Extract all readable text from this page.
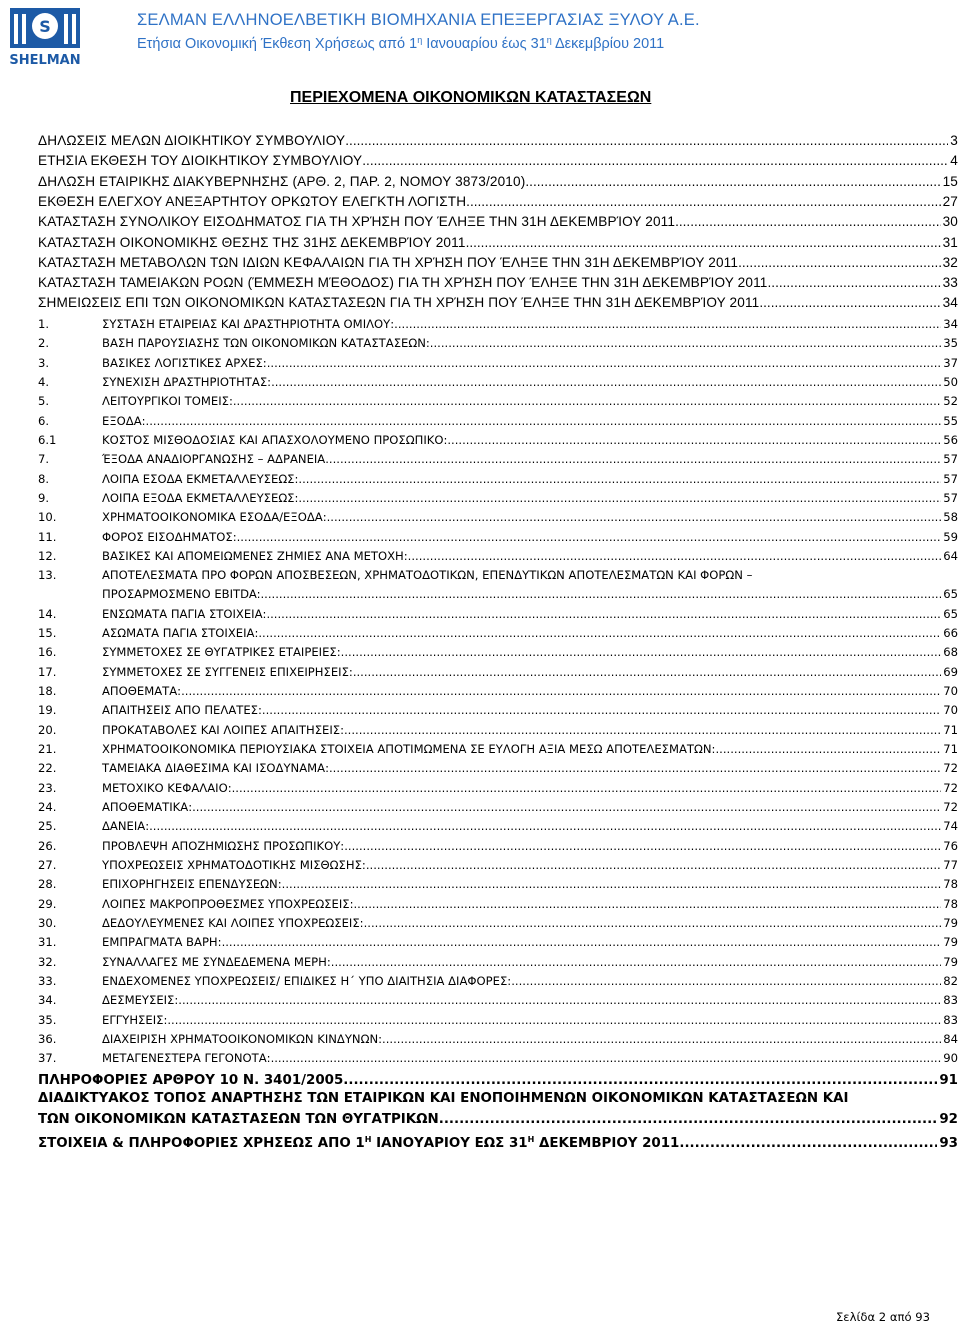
S
SHELMAN
ΣΕΛΜΑΝ ΕΛΛΗΝΟΕΛΒΕΤΙΚΗ ΒΙΟΜΗΧΑΝΙΑ ΕΠΕΞΕΡΓΑΣΙΑΣ ΞΥΛΟΥ Α.Ε.
Ετήσια Οικονομική Έκθεση Χρήσεως από $1^\eta$ Ιανουαρίου έως $31^\eta$ Δεκεμβρίου 2011
ΠΕΡΙΕΧΟΜΕΝΑ ΟΙΚΟΝΟΜΙΚΩΝ ΚΑΤΑΣΤΑΣΕΩΝ
ΔΗΛΩΣΕΙΣ ΜΕΛΩΝ ΔΙΟΙΚΗΤΙΚΟΥ ΣΥΜΒΟΥΛΙΟΥ .....	3
ΕΤΗΣΙΑ ΕΚΘΕΣΗ ΤΟΥ ΔΙΟΙΚΗΤΙΚΟΥ ΣΥΜΒΟΥΛΙΟΥ .....	4
ΔΗΛΩΣΗ ΕΤΑΙΡΙΚΗΣ ΔΙΑΚΥΒΕΡΝΗΣΗΣ (ΑΡΘ. 2, ΠΑΡ. 2, ΝΟΜΟΥ 3873/2010) .....	15
ΕΚΘΕΣΗ ΕΛΕΓΧΟΥ ΑΝΕΞΑΡΤΗΤΟΥ ΟΡΚΩΤΟΥ ΕΛΕΓΚΤΗ ΛΟΓΙΣΤΗ .....	27
ΚΑΤΑΣΤΑΣΗ ΣΥΝΟΛΙΚΟΥ ΕΙΣΟΔΗΜΑΤΟΣ ΓΙΑ ΤΗ ΧΡΉΣΗ ΠΟΥ ΈΛΗΞΕ ΤΗΝ 31Η ΔΕΚΕΜΒΡΊΟΥ 2011 .....	30
ΚΑΤΑΣΤΑΣΗ ΟΙΚΟΝΟΜΙΚΗΣ ΘΕΣΗΣ ΤΗΣ 31ΗΣ ΔΕΚΕΜΒΡΊΟΥ 2011 .....	31
ΚΑΤΑΣΤΑΣΗ ΜΕΤΑΒΟΛΩΝ ΤΩΝ ΙΔΙΩΝ ΚΕΦΑΛΑΙΩΝ ΓΙΑ ΤΗ ΧΡΉΣΗ ΠΟΥ ΈΛΗΞΕ ΤΗΝ 31Η ΔΕΚΕΜΒΡΊΟΥ 2011 .....	32
ΚΑΤΑΣΤΑΣΗ ΤΑΜΕΙΑΚΩΝ ΡΟΩΝ (ΈΜΜΕΣΗ ΜΈΘΟΔΟΣ) ΓΙΑ ΤΗ ΧΡΉΣΗ ΠΟΥ ΈΛΗΞΕ ΤΗΝ 31Η ΔΕΚΕΜΒΡΊΟΥ 2011 .....	33
ΣΗΜΕΙΩΣΕΙΣ ΕΠΙ ΤΩΝ ΟΙΚΟΝΟΜΙΚΩΝ ΚΑΤΑΣΤΑΣΕΩΝ ΓΙΑ ΤΗ ΧΡΉΣΗ ΠΟΥ ΈΛΗΞΕ ΤΗΝ 31Η ΔΕΚΕΜΒΡΊΟΥ 2011 .....	34
1.	ΣΥΣΤΑΣΗ ΕΤΑΙΡΕΙΑΣ ΚΑΙ ΔΡΑΣΤΗΡΙΟΤΗΤΑ ΟΜΙΛΟΥ: .....	34
2.	ΒΑΣΗ ΠΑΡΟΥΣΙΑΣΗΣ ΤΩΝ ΟΙΚΟΝΟΜΙΚΩΝ ΚΑΤΑΣΤΑΣΕΩΝ: .....	35
3.	ΒΑΣΙΚΕΣ ΛΟΓΙΣΤΙΚΕΣ ΑΡΧΕΣ: .....	37
4.	ΣΥΝΕΧΙΣΗ ΔΡΑΣΤΗΡΙΟΤΗΤΑΣ: .....	50
5.	ΛΕΙΤΟΥΡΓΙΚΟΙ ΤΟΜΕΙΣ: .....	52
6.	ΕΞΟΔΑ: .....	55
6.1	ΚΟΣΤΟΣ ΜΙΣΘΟΔΟΣΙΑΣ ΚΑΙ ΑΠΑΣΧΟΛΟΥΜΕΝΟ ΠΡΟΣΩΠΙΚΟ: .....	56
7.	ΈΞΟΔΑ ΑΝΑΔΙΟΡΓΑΝΩΣΗΣ – ΑΔΡΑΝΕΙΑ .....	57
8.	ΛΟΙΠΑ ΕΣΟΔΑ ΕΚΜΕΤΑΛΛΕΥΣΕΩΣ: .....	57
9.	ΛΟΙΠΑ ΕΞΟΔΑ ΕΚΜΕΤΑΛΛΕΥΣΕΩΣ: .....	57
10.	ΧΡΗΜΑΤΟΟΙΚΟΝΟΜΙΚΑ ΕΣΟΔΑ/ΕΞΟΔΑ: .....	58
11.	ΦΟΡΟΣ ΕΙΣΟΔΗΜΑΤΟΣ: .....	59
12.	ΒΑΣΙΚΕΣ ΚΑΙ ΑΠΟΜΕΙΩΜΕΝΕΣ ΖΗΜΙΕΣ ΑΝΑ ΜΕΤΟΧΗ: .....	64
13.	ΑΠΟΤΕΛΕΣΜΑΤΑ ΠΡΟ ΦΟΡΩΝ ΑΠΟΣΒΕΣΕΩΝ, ΧΡΗΜΑΤΟΔΟΤΙΚΩΝ, ΕΠΕΝΔΥΤΙΚΩΝ ΑΠΟΤΕΛΕΣΜΑΤΩΝ ΚΑΙ ΦΟΡΩΝ –
ΠΡΟΣΑΡΜΟΣΜΕΝΟ EBITDA: .....	65
14.	ΕΝΣΩΜΑΤΑ ΠΑΓΙΑ ΣΤΟΙΧΕΙΑ: .....	65
15.	ΑΣΩΜΑΤΑ ΠΑΓΙΑ ΣΤΟΙΧΕΙΑ: .....	66
16.	ΣΥΜΜΕΤΟΧΕΣ ΣΕ ΘΥΓΑΤΡΙΚΕΣ ΕΤΑΙΡΕΙΕΣ: .....	68
17.	ΣΥΜΜΕΤΟΧΕΣ ΣΕ ΣΥΓΓΕΝΕΙΣ ΕΠΙΧΕΙΡΗΣΕΙΣ: .....	69
18.	ΑΠΟΘΕΜΑΤΑ: .....	70
19.	ΑΠΑΙΤΗΣΕΙΣ ΑΠΟ ΠΕΛΑΤΕΣ: .....	70
20.	ΠΡΟΚΑΤΑΒΟΛΕΣ ΚΑΙ ΛΟΙΠΕΣ ΑΠΑΙΤΗΣΕΙΣ: .....	71
21.	ΧΡΗΜΑΤΟΟΙΚΟΝΟΜΙΚΑ ΠΕΡΙΟΥΣΙΑΚΑ ΣΤΟΙΧΕΙΑ ΑΠΟΤΙΜΩΜΕΝΑ ΣΕ ΕΥΛΟΓΗ ΑΞΙΑ ΜΕΣΩ ΑΠΟΤΕΛΕΣΜΑΤΩΝ: .....	71
22.	ΤΑΜΕΙΑΚΑ ΔΙΑΘΕΣΙΜΑ ΚΑΙ ΙΣΟΔΥΝΑΜΑ: .....	72
23.	ΜΕΤΟΧΙΚΟ ΚΕΦΑΛΑΙΟ: .....	72
24.	ΑΠΟΘΕΜΑΤΙΚΑ: .....	72
25.	ΔΑΝΕΙΑ: .....	74
26.	ΠΡΟΒΛΕΨΗ ΑΠΟΖΗΜΙΩΣΗΣ ΠΡΟΣΩΠΙΚΟΥ: .....	76
27.	ΥΠΟΧΡΕΩΣΕΙΣ ΧΡΗΜΑΤΟΔΟΤΙΚΗΣ ΜΙΣΘΩΣΗΣ: .....	77
28.	ΕΠΙΧΟΡΗΓΗΣΕΙΣ ΕΠΕΝΔΥΣΕΩΝ: .....	78
29.	ΛΟΙΠΕΣ ΜΑΚΡΟΠΡΟΘΕΣΜΕΣ ΥΠΟΧΡΕΩΣΕΙΣ: .....	78
30.	ΔΕΔΟΥΛΕΥΜΕΝΕΣ ΚΑΙ ΛΟΙΠΕΣ ΥΠΟΧΡΕΩΣΕΙΣ: .....	79
31.	ΕΜΠΡΑΓΜΑΤΑ ΒΑΡΗ: .....	79
32.	ΣΥΝΑΛΛΑΓΕΣ ΜΕ ΣΥΝΔΕΔΕΜΕΝΑ ΜΕΡΗ: .....	79
33.	ΕΝΔΕΧΟΜΕΝΕΣ ΥΠΟΧΡΕΩΣΕΙΣ/ ΕΠΙΔΙΚΕΣ Η΄ ΥΠΟ ΔΙΑΙΤΗΣΙΑ ΔΙΑΦΟΡΕΣ: .....	82
34.	ΔΕΣΜΕΥΣΕΙΣ: .....	83
35.	ΕΓΓΥΗΣΕΙΣ: .....	83
36.	ΔΙΑΧΕΙΡΙΣΗ ΧΡΗΜΑΤΟΟΙΚΟΝΟΜΙΚΩΝ ΚΙΝΔΥΝΩΝ: .....	84
37.	ΜΕΤΑΓΕΝΕΣΤΕΡΑ ΓΕΓΟΝΟΤΑ: .....	90
ΠΛΗΡΟΦΟΡΙΕΣ ΑΡΘΡΟΥ 10 Ν. 3401/2005 .....	91
ΔΙΑΔΙΚΤΥΑΚΟΣ ΤΟΠΟΣ ΑΝΑΡΤΗΣΗΣ ΤΩΝ ΕΤΑΙΡΙΚΩΝ ΚΑΙ ΕΝΟΠΟΙΗΜΕΝΩΝ ΟΙΚΟΝΟΜΙΚΩΝ ΚΑΤΑΣΤΑΣΕΩΝ ΚΑΙ
ΤΩΝ ΟΙΚΟΝΟΜΙΚΩΝ ΚΑΤΑΣΤΑΣΕΩΝ ΤΩΝ ΘΥΓΑΤΡΙΚΩΝ .....	92
ΣΤΟΙΧΕΙΑ & ΠΛΗΡΟΦΟΡΙΕΣ ΧΡΗΣΕΩΣ ΑΠΟ $1^H$ ΙΑΝΟΥΑΡΙΟΥ ΕΩΣ $31^H$ ΔΕΚΕΜΒΡΙΟΥ 2011 .....	93
Σελίδα 2 από 93
